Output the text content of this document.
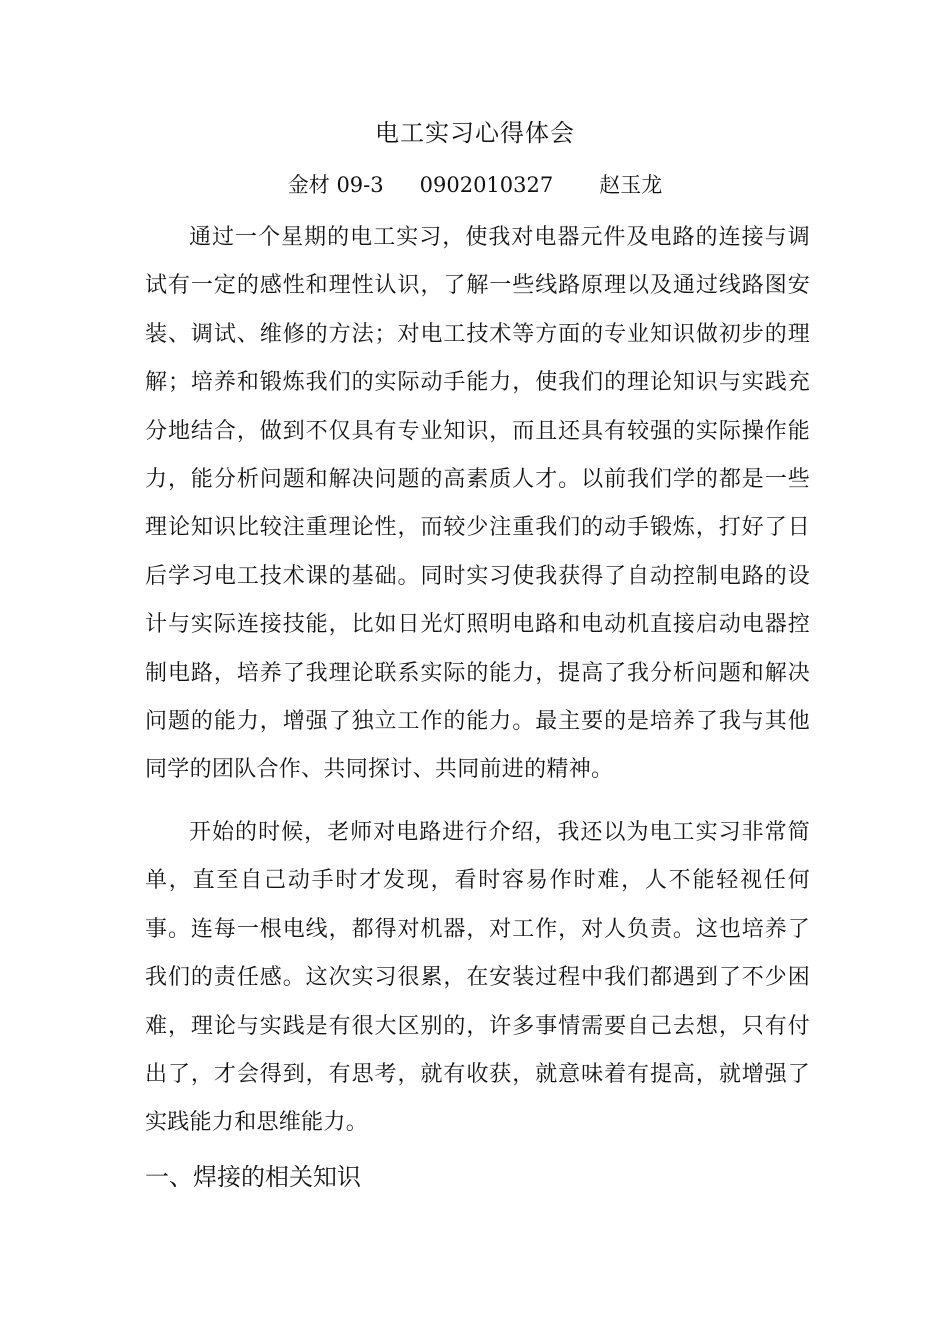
电工实习心得体会
金材 09-3 0902010327 赵玉龙

通过一个星期的电工实习，使我对电器元件及电路的连接与调试有一定的感性和理性认识，了解一些线路原理以及通过线路图安装、调试、维修的方法；对电工技术等方面的专业知识做初步的理解；培养和锻炼我们的实际动手能力，使我们的理论知识与实践充分地结合，做到不仅具有专业知识，而且还具有较强的实际操作能力，能分析问题和解决问题的高素质人才。以前我们学的都是一些理论知识比较注重理论性，而较少注重我们的动手锻炼，打好了日后学习电工技术课的基础。同时实习使我获得了自动控制电路的设计与实际连接技能，比如日光灯照明电路和电动机直接启动电器控制电路，培养了我理论联系实际的能力，提高了我分析问题和解决问题的能力，增强了独立工作的能力。最主要的是培养了我与其他同学的团队合作、共同探讨、共同前进的精神。

开始的时候，老师对电路进行介绍，我还以为电工实习非常简单，直至自己动手时才发现，看时容易作时难，人不能轻视任何事。连每一根电线，都得对机器，对工作，对人负责。这也培养了我们的责任感。这次实习很累，在安装过程中我们都遇到了不少困难，理论与实践是有很大区别的，许多事情需要自己去想，只有付出了，才会得到，有思考，就有收获，就意味着有提高，就增强了实践能力和思维能力。

一、焊接的相关知识
